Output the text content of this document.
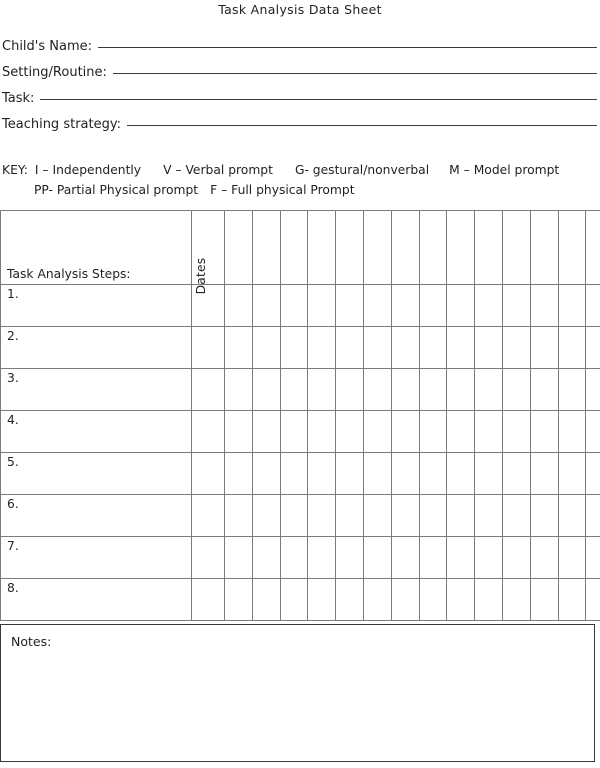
Task Analysis Data Sheet
Child's Name:
Setting/Routine:
Task:
Teaching strategy:
KEY: I – Independently V – Verbal prompt G- gestural/nonverbal M – Model prompt
PP- Partial Physical prompt F – Full physical Prompt
Task Analysis Steps:	Dates														

1.															

2.															

3.															

4.															

5.															

6.															

7.															

8.															

Notes:
